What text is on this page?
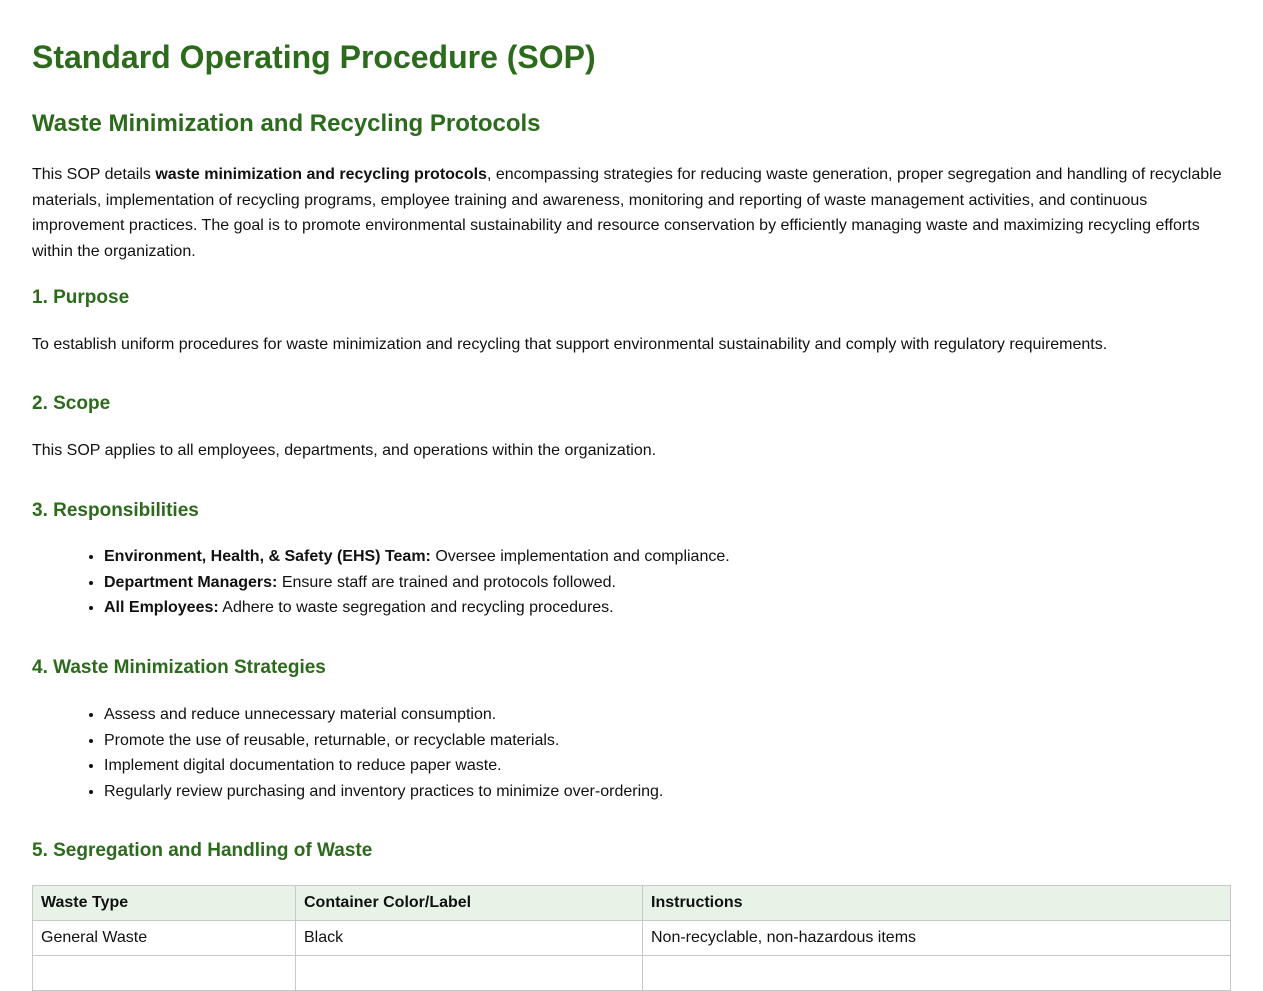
Standard Operating Procedure (SOP)
Waste Minimization and Recycling Protocols

This SOP details waste minimization and recycling protocols, encompassing strategies for reducing waste generation, proper segregation and handling of recyclable materials, implementation of recycling programs, employee training and awareness, monitoring and reporting of waste management activities, and continuous improvement practices. The goal is to promote environmental sustainability and resource conservation by efficiently managing waste and maximizing recycling efforts within the organization.

1. Purpose

To establish uniform procedures for waste minimization and recycling that support environmental sustainability and comply with regulatory requirements.

2. Scope

This SOP applies to all employees, departments, and operations within the organization.

3. Responsibilities
• Environment, Health, & Safety (EHS) Team: Oversee implementation and compliance.
• Department Managers: Ensure staff are trained and protocols followed.
• All Employees: Adhere to waste segregation and recycling procedures.
4. Waste Minimization Strategies
• Assess and reduce unnecessary material consumption.
• Promote the use of reusable, returnable, or recyclable materials.
• Implement digital documentation to reduce paper waste.
• Regularly review purchasing and inventory practices to minimize over-ordering.
5. Segregation and Handling of Waste
Waste Type	Container Color/Label	Instructions
General Waste	Black	Non-recyclable, non-hazardous items
